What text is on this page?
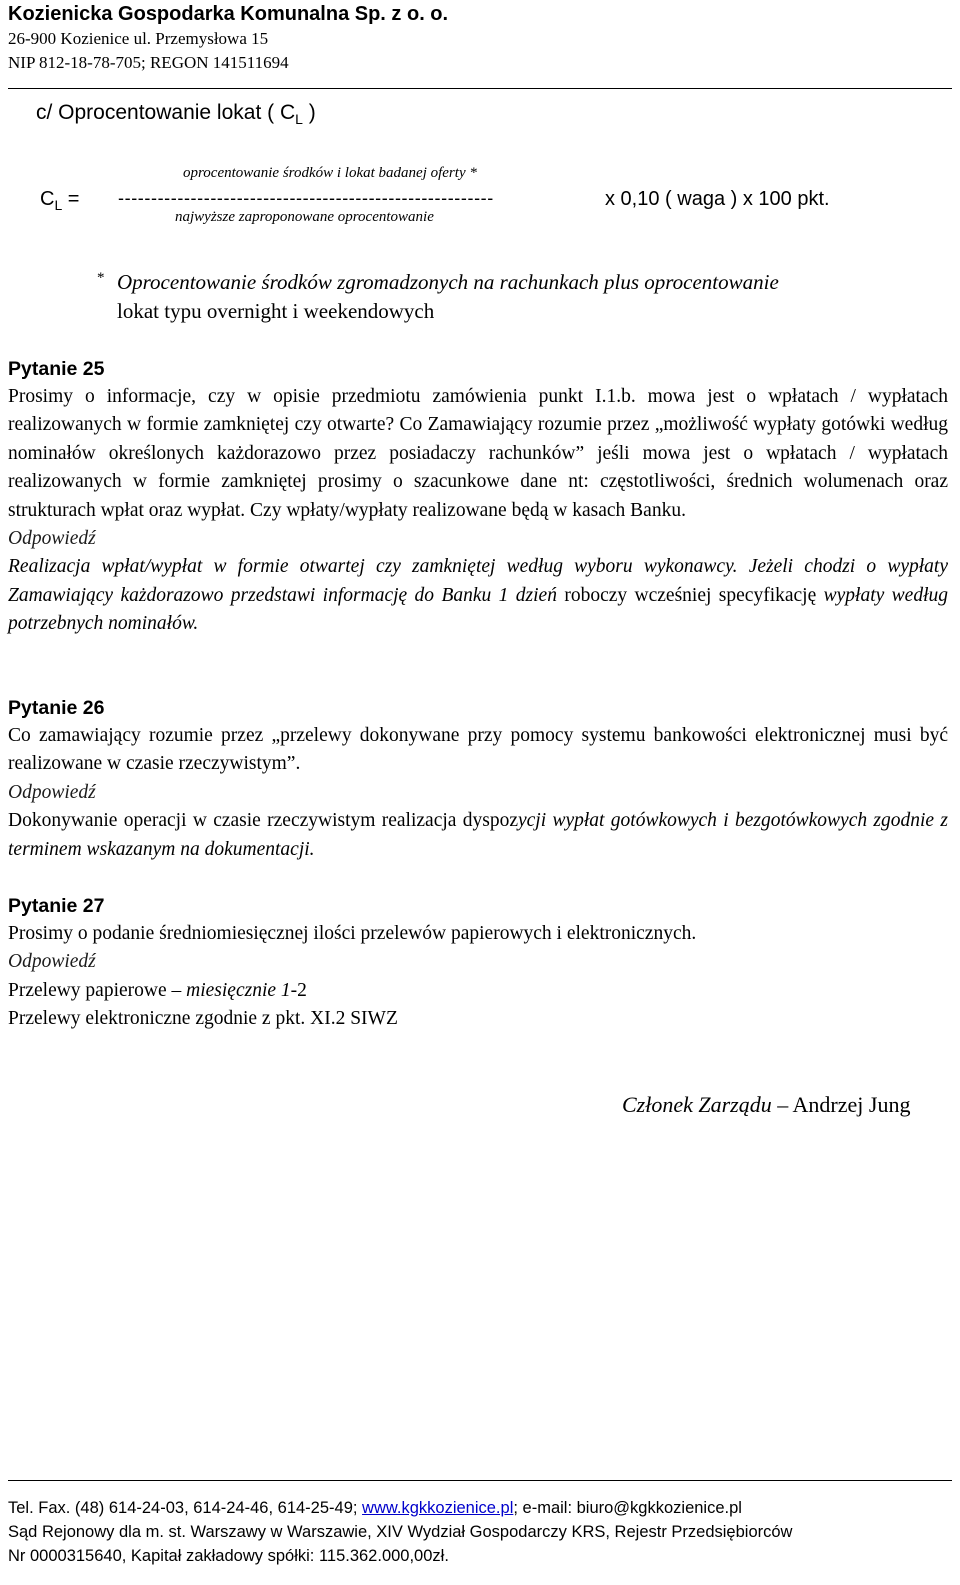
Kozienicka Gospodarka Komunalna Sp. z o. o.
26-900 Kozienice ul. Przemysłowa 15
NIP 812-18-78-705; REGON 141511694
c/ Oprocentowanie lokat ( $C_L$ )
oprocentowanie środków i lokat badanej oferty *
$C_L$ = ---------------------------------------------------------	x 0,10 ( waga ) x 100 pkt.
najwyższe zaproponowane oprocentowanie
* Oprocentowanie środków zgromadzonych na rachunkach plus oprocentowanie
lokat typu overnight i weekendowych

Pytanie 25

Prosimy o informacje, czy w opisie przedmiotu zamówienia punkt I.1.b. mowa jest o wpłatach / wypłatach realizowanych w formie zamkniętej czy otwarte? Co Zamawiający rozumie przez „możliwość wypłaty gotówki według nominałów określonych każdorazowo przez posiadaczy rachunków” jeśli mowa jest o wpłatach / wypłatach realizowanych w formie zamkniętej prosimy o szacunkowe dane nt: częstotliwości, średnich wolumenach oraz strukturach wpłat oraz wypłat. Czy wpłaty/wypłaty realizowane będą w kasach Banku.

Odpowiedź

Realizacja wpłat/wypłat w formie otwartej czy zamkniętej według wyboru wykonawcy. Jeżeli chodzi o wypłaty Zamawiający każdorazowo przedstawi informację do Banku 1 dzień roboczy wcześniej specyfikację wypłaty według potrzebnych nominałów.

Pytanie 26

Co zamawiający rozumie przez „przelewy dokonywane przy pomocy systemu bankowości elektronicznej musi być realizowane w czasie rzeczywistym”.

Odpowiedź

Dokonywanie operacji w czasie rzeczywistym realizacja dyspozycji wypłat gotówkowych i bezgotówkowych zgodnie z terminem wskazanym na dokumentacji.

Pytanie 27

Prosimy o podanie średniomiesięcznej ilości przelewów papierowych i elektronicznych.

Odpowiedź

Przelewy papierowe – miesięcznie 1-2

Przelewy elektroniczne zgodnie z pkt. XI.2 SIWZ

Członek Zarządu – Andrzej Jung
Tel. Fax. (48) 614-24-03, 614-24-46, 614-25-49; www.kgkkozienice.pl; e-mail: biuro@kgkkozienice.pl
Sąd Rejonowy dla m. st. Warszawy w Warszawie, XIV Wydział Gospodarczy KRS, Rejestr Przedsiębiorców
Nr 0000315640, Kapitał zakładowy spółki: 115.362.000,00zł.
